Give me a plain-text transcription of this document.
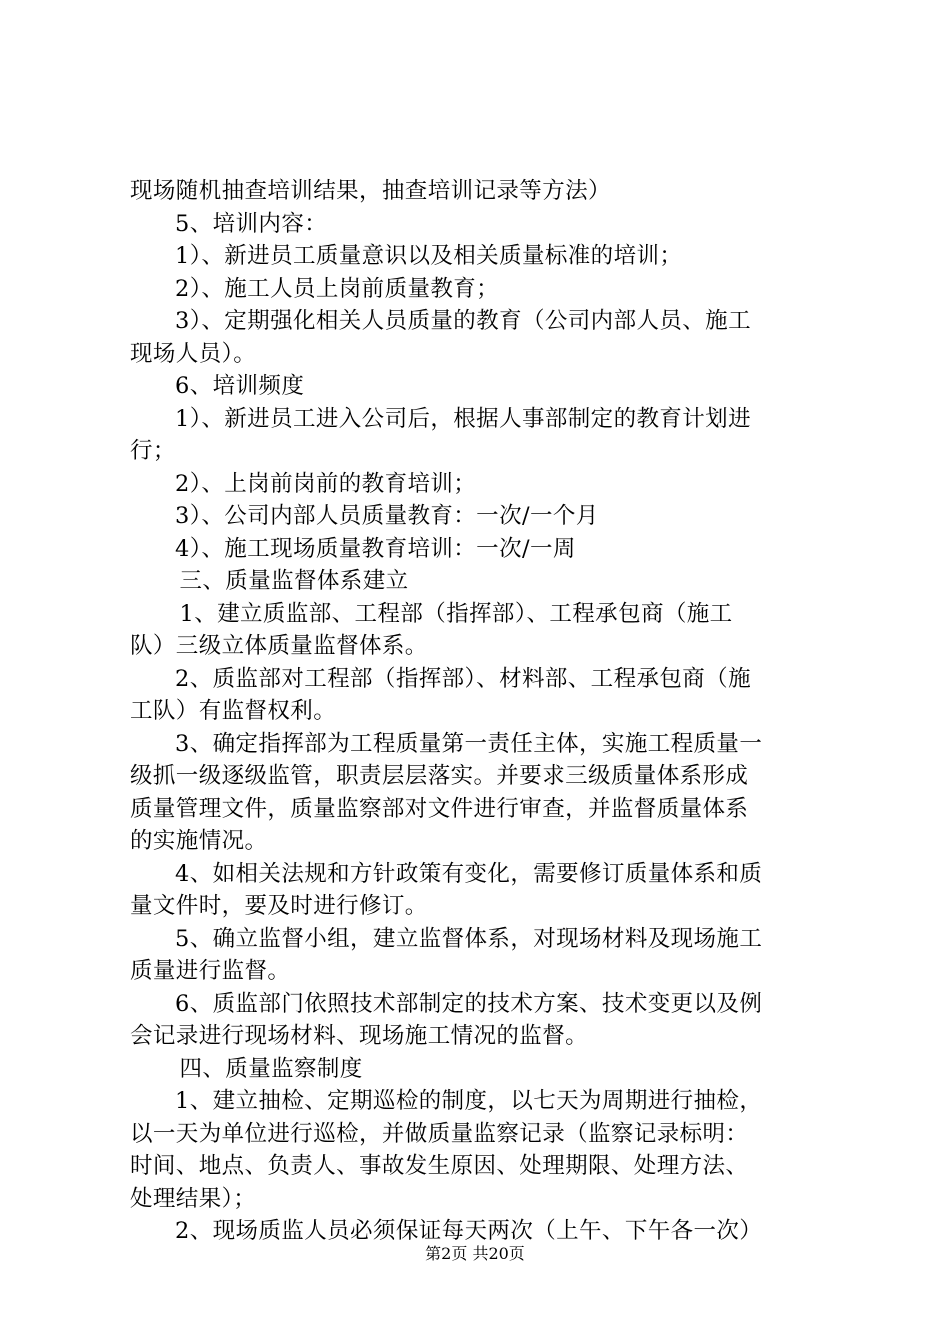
现场随机抽查培训结果，抽查培训记录等方法）
5、培训内容：
1）、新进员工质量意识以及相关质量标准的培训；
2）、施工人员上岗前质量教育；
3）、定期强化相关人员质量的教育（公司内部人员、施工
现场人员）。
6、培训频度
1）、新进员工进入公司后，根据人事部制定的教育计划进
行；
2）、上岗前岗前的教育培训；
3）、公司内部人员质量教育：一次/一个月
4）、施工现场质量教育培训：一次/一周
三、质量监督体系建立
1、建立质监部、工程部（指挥部）、工程承包商（施工
队）三级立体质量监督体系。
2、质监部对工程部（指挥部）、材料部、工程承包商（施
工队）有监督权利。
3、确定指挥部为工程质量第一责任主体，实施工程质量一
级抓一级逐级监管，职责层层落实。并要求三级质量体系形成
质量管理文件，质量监察部对文件进行审查，并监督质量体系
的实施情况。
4、如相关法规和方针政策有变化，需要修订质量体系和质
量文件时，要及时进行修订。
5、确立监督小组，建立监督体系，对现场材料及现场施工
质量进行监督。
6、质监部门依照技术部制定的技术方案、技术变更以及例
会记录进行现场材料、现场施工情况的监督。
四、质量监察制度
1、建立抽检、定期巡检的制度，以七天为周期进行抽检，
以一天为单位进行巡检，并做质量监察记录（监察记录标明：
时间、地点、负责人、事故发生原因、处理期限、处理方法、
处理结果）；
2、现场质监人员必须保证每天两次（上午、下午各一次）
第2页 共20页
